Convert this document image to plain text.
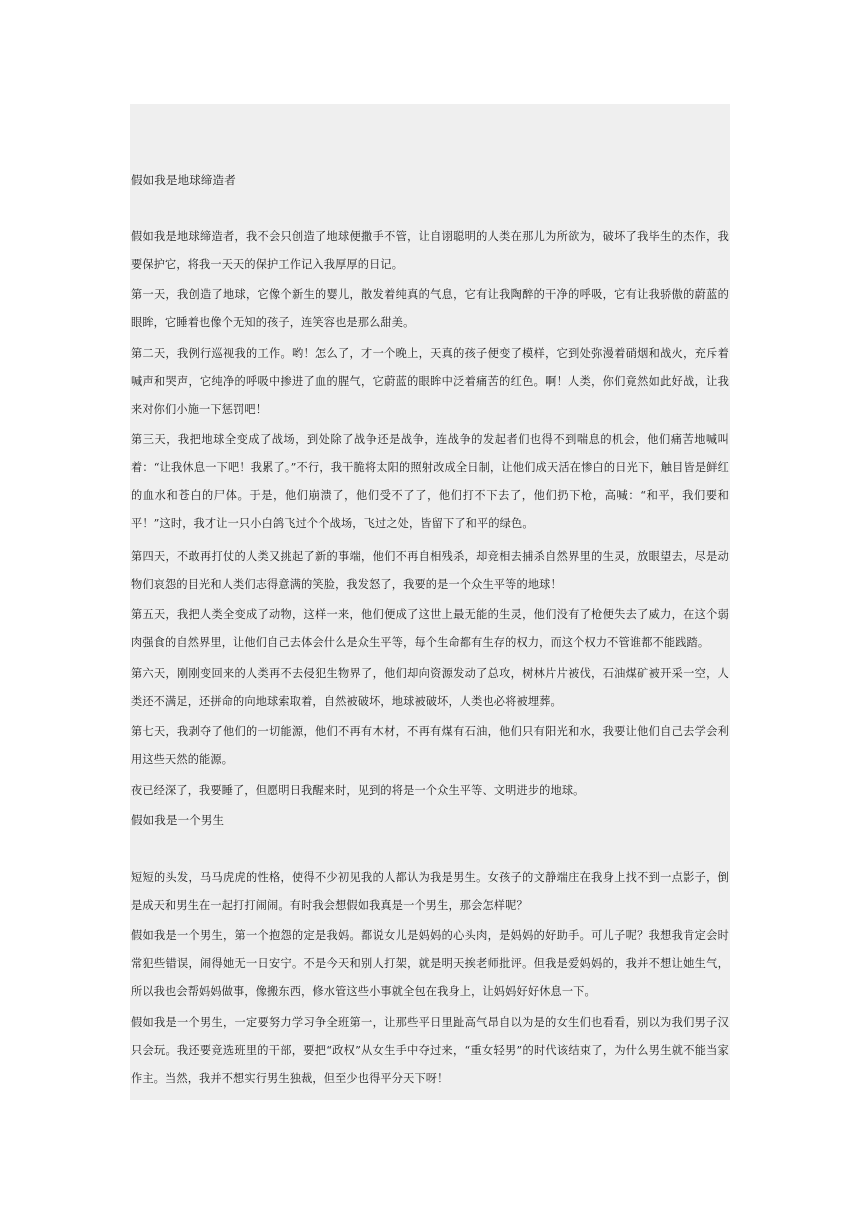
假如我是地球缔造者
假如我是地球缔造者，我不会只创造了地球便撒手不管，让自诩聪明的人类在那儿为所欲为，破坏了我毕生的杰作，我要保护它，将我一天天的保护工作记入我厚厚的日记。
第一天，我创造了地球，它像个新生的婴儿，散发着纯真的气息，它有让我陶醉的干净的呼吸，它有让我骄傲的蔚蓝的眼眸，它睡着也像个无知的孩子，连笑容也是那么甜美。
第二天，我例行巡视我的工作。哟！怎么了，才一个晚上，天真的孩子便变了模样，它到处弥漫着硝烟和战火，充斥着喊声和哭声，它纯净的呼吸中掺进了血的腥气，它蔚蓝的眼眸中泛着痛苦的红色。啊！人类，你们竟然如此好战，让我来对你们小施一下惩罚吧！
第三天，我把地球全变成了战场，到处除了战争还是战争，连战争的发起者们也得不到喘息的机会，他们痛苦地喊叫着：“让我休息一下吧！我累了。”不行，我干脆将太阳的照射改成全日制，让他们成天活在惨白的日光下，触目皆是鲜红的血水和苍白的尸体。于是，他们崩溃了，他们受不了了，他们打不下去了，他们扔下枪，高喊：“和平，我们要和平！”这时，我才让一只小白鸽飞过个个战场，飞过之处，皆留下了和平的绿色。
第四天，不敢再打仗的人类又挑起了新的事端，他们不再自相残杀，却竞相去捕杀自然界里的生灵，放眼望去，尽是动物们哀怨的目光和人类们志得意满的笑脸，我发怒了，我要的是一个众生平等的地球！
第五天，我把人类全变成了动物，这样一来，他们便成了这世上最无能的生灵，他们没有了枪便失去了威力，在这个弱肉强食的自然界里，让他们自己去体会什么是众生平等，每个生命都有生存的权力，而这个权力不管谁都不能践踏。
第六天，刚刚变回来的人类再不去侵犯生物界了，他们却向资源发动了总攻，树林片片被伐，石油煤矿被开采一空，人类还不满足，还拼命的向地球索取着，自然被破坏，地球被破坏，人类也必将被埋葬。
第七天，我剥夺了他们的一切能源，他们不再有木材，不再有煤有石油，他们只有阳光和水，我要让他们自己去学会利用这些天然的能源。
夜已经深了，我要睡了，但愿明日我醒来时，见到的将是一个众生平等、文明进步的地球。
假如我是一个男生
短短的头发，马马虎虎的性格，使得不少初见我的人都认为我是男生。女孩子的文静端庄在我身上找不到一点影子，倒是成天和男生在一起打打闹闹。有时我会想假如我真是一个男生，那会怎样呢？
假如我是一个男生，第一个抱怨的定是我妈。都说女儿是妈妈的心头肉，是妈妈的好助手。可儿子呢？我想我肯定会时常犯些错误，闹得她无一日安宁。不是今天和别人打架，就是明天挨老师批评。但我是爱妈妈的，我并不想让她生气，所以我也会帮妈妈做事，像搬东西，修水管这些小事就全包在我身上，让妈妈好好休息一下。
假如我是一个男生，一定要努力学习争全班第一，让那些平日里趾高气昂自以为是的女生们也看看，别以为我们男子汉只会玩。我还要竞选班里的干部，要把“政权”从女生手中夺过来，“重女轻男”的时代该结束了，为什么男生就不能当家作主。当然，我并不想实行男生独裁，但至少也得平分天下呀！
